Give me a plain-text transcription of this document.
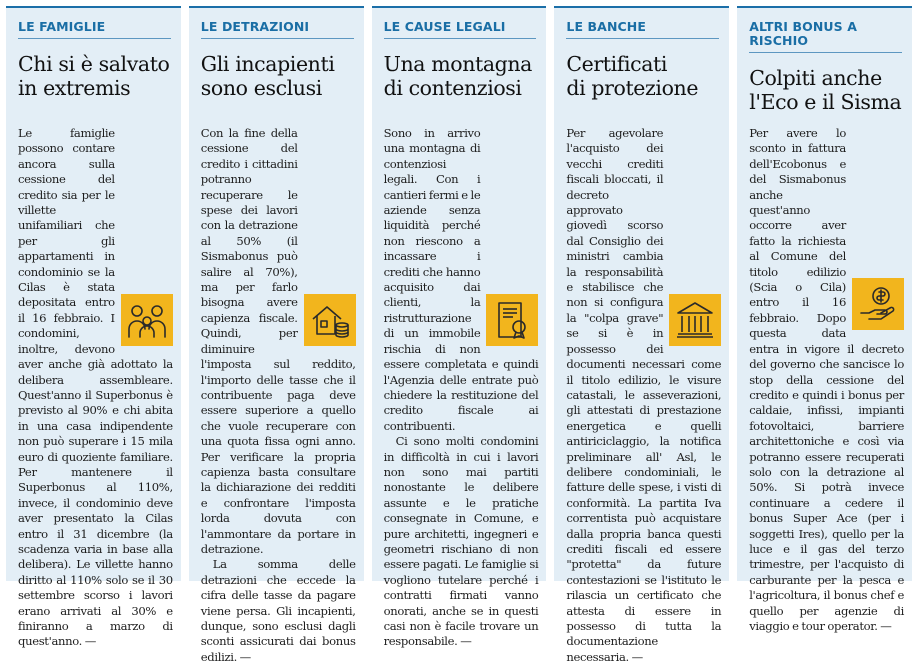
LE FAMIGLIE
Chi si è salvato
in extremis

Le famiglie possono contare ancora sulla cessione del credito sia per le villette unifamiliari che per gli appartamenti in condominio se la Cilas è stata depositata entro il 16 febbraio. I condomini, inoltre, devono aver anche già adottato la delibera assembleare. Quest'anno il Superbonus è previsto al 90% e chi abita in una casa indipendente non può superare i 15 mila euro di quoziente familiare. Per mantenere il Superbonus al 110%, invece, il condominio deve aver presentato la Cilas entro il 31 dicembre (la scadenza varia in base alla delibera). Le villette hanno diritto al 110% solo se il 30 settembre scorso i lavori erano arrivati al 30% e finiranno a marzo di quest'anno. —

LE DETRAZIONI
Gli incapienti
sono esclusi

Con la fine della cessione del credito i cittadini potranno recuperare le spese dei lavori con la detrazione al 50% (il Sismabonus può salire al 70%), ma per farlo bisogna avere capienza fiscale. Quindi, per diminuire l'imposta sul reddito, l'importo delle tasse che il contribuente paga deve essere superiore a quello che vuole recuperare con una quota fissa ogni anno. Per verificare la propria capienza basta consultare la dichiarazione dei redditi e confrontare l'imposta lorda dovuta con l'ammontare da portare in detrazione.

La somma delle detrazioni che eccede la cifra delle tasse da pagare viene persa. Gli incapienti, dunque, sono esclusi dagli sconti assicurati dai bonus edilizi. —

LE CAUSE LEGALI
Una montagna
di contenziosi

Sono in arrivo una montagna di contenziosi legali. Con i cantieri fermi e le aziende senza liquidità perché non riescono a incassare i crediti che hanno acquisito dai clienti, la ristrutturazione di un immobile rischia di non essere completata e quindi l'Agenzia delle entrate può chiedere la restituzione del credito fiscale ai contribuenti.

Ci sono molti condomini in difficoltà in cui i lavori non sono mai partiti nonostante le delibere assunte e le pratiche consegnate in Comune, e pure architetti, ingegneri e geometri rischiano di non essere pagati. Le famiglie si vogliono tutelare perché i contratti firmati vanno onorati, anche se in questi casi non è facile trovare un responsabile. —

LE BANCHE
Certificati
di protezione

Per agevolare l'acquisto dei vecchi crediti fiscali bloccati, il decreto approvato giovedì scorso dal Consiglio dei ministri cambia la responsabilità e stabilisce che non si configura la "colpa grave" se si è in possesso dei documenti necessari come il titolo edilizio, le visure catastali, le asseverazioni, gli attestati di prestazione energetica e quelli antiriciclaggio, la notifica preliminare all' Asl, le delibere condominiali, le fatture delle spese, i visti di conformità. La partita Iva correntista può acquistare dalla propria banca questi crediti fiscali ed essere "protetta" da future contestazioni se l'istituto le rilascia un certificato che attesta di essere in possesso di tutta la documentazione necessaria. —

ALTRI BONUS A RISCHIO
Colpiti anche
l'Eco e il Sisma

Per avere lo sconto in fattura dell'Ecobonus e del Sismabonus anche quest'anno occorre aver fatto la richiesta al Comune del titolo edilizio (Scia o Cila) entro il 16 febbraio. Dopo questa data entra in vigore il decreto del governo che sancisce lo stop della cessione del credito e quindi i bonus per caldaie, infissi, impianti fotovoltaici, barriere architettoniche e così via potranno essere recuperati solo con la detrazione al 50%. Si potrà invece continuare a cedere il bonus Super Ace (per i soggetti Ires), quello per la luce e il gas del terzo trimestre, per l'acquisto di carburante per la pesca e l'agricoltura, il bonus chef e quello per agenzie di viaggio e tour operator. —
